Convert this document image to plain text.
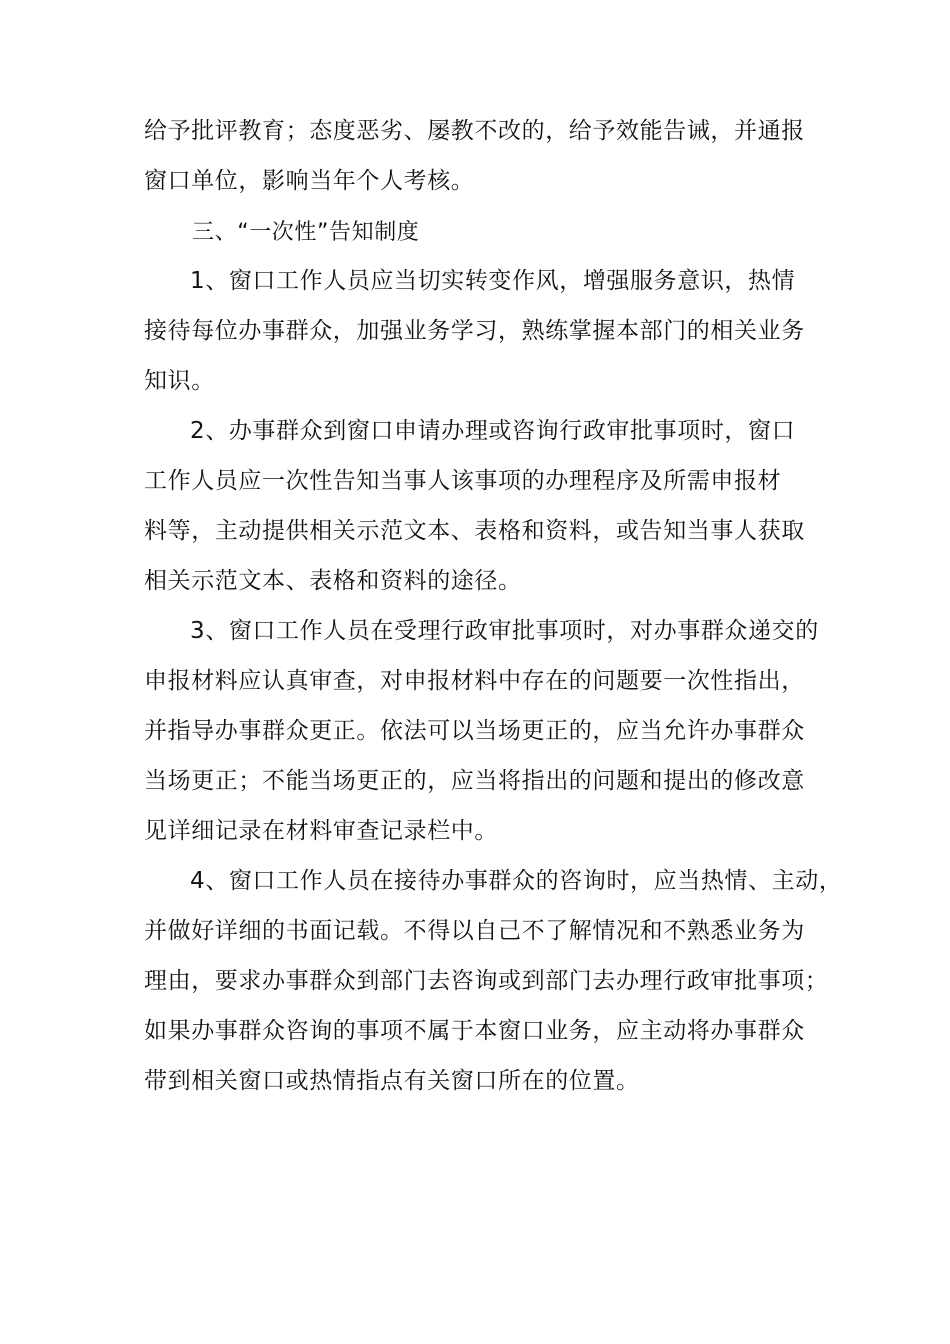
给予批评教育；态度恶劣、屡教不改的，给予效能告诫，并通报
窗口单位，影响当年个人考核。
三、“一次性”告知制度
1、窗口工作人员应当切实转变作风，增强服务意识，热情
接待每位办事群众，加强业务学习，熟练掌握本部门的相关业务
知识。
2、办事群众到窗口申请办理或咨询行政审批事项时，窗口
工作人员应一次性告知当事人该事项的办理程序及所需申报材
料等，主动提供相关示范文本、表格和资料，或告知当事人获取
相关示范文本、表格和资料的途径。
3、窗口工作人员在受理行政审批事项时，对办事群众递交的
申报材料应认真审查，对申报材料中存在的问题要一次性指出，
并指导办事群众更正。依法可以当场更正的，应当允许办事群众
当场更正；不能当场更正的，应当将指出的问题和提出的修改意
见详细记录在材料审查记录栏中。
4、窗口工作人员在接待办事群众的咨询时，应当热情、主动，
并做好详细的书面记载。不得以自己不了解情况和不熟悉业务为
理由，要求办事群众到部门去咨询或到部门去办理行政审批事项；
如果办事群众咨询的事项不属于本窗口业务，应主动将办事群众
带到相关窗口或热情指点有关窗口所在的位置。
